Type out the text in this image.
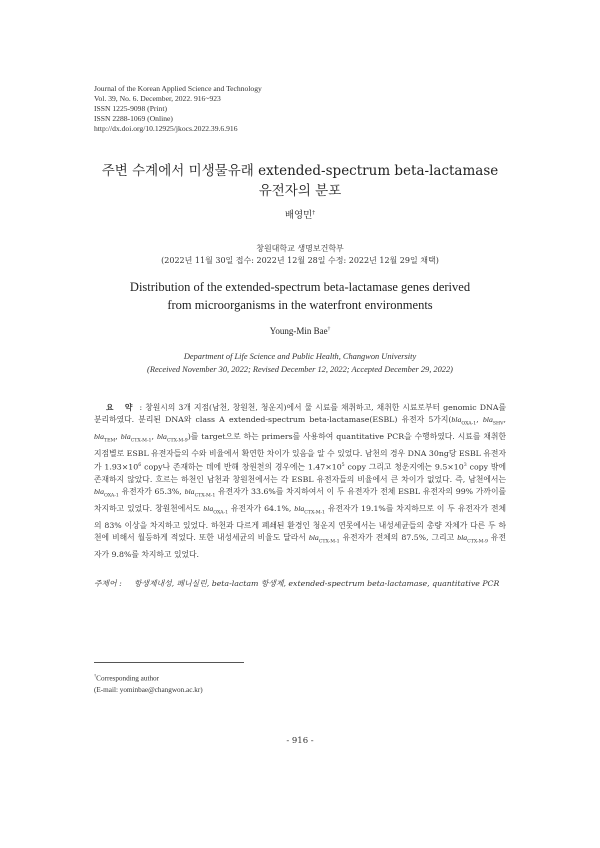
Journal of the Korean Applied Science and Technology
Vol. 39, No. 6. December, 2022. 916~923
ISSN 1225-9098 (Print)
ISSN 2288-1069 (Online)
http://dx.doi.org/10.12925/jkocs.2022.39.6.916
주변 수계에서 미생물유래 extended-spectrum beta-lactamase
유전자의 분포
배영민†
창원대학교 생명보건학부
(2022년 11월 30일 접수: 2022년 12월 28일 수정: 2022년 12월 29일 채택)
Distribution of the extended-spectrum beta-lactamase genes derived
from microorganisms in the waterfront environments
Young-Min Bae†
Department of Life Science and Public Health, Changwon University
(Received November 30, 2022; Revised December 12, 2022; Accepted December 29, 2022)
요 약 : 창원시의 3개 지점(남천, 창원천, 청운지)에서 물 시료를 채취하고, 채취한 시료로부터 genomic DNA를 분리하였다. 분리된 DNA와 class A extended-spectrum beta-lactamase(ESBL) 유전자 5가지(bla$_{OXA-1}$, bla$_{SHV}$, bla$_{TEM}$, bla$_{CTX-M-1}$, bla$_{CTX-M-9}$)를 target으로 하는 primers를 사용하여 quantitative PCR을 수행하였다. 시료를 채취한 지점별로 ESBL 유전자들의 수와 비율에서 확연한 차이가 있음을 알 수 있었다. 남천의 경우 DNA 30ng당 ESBL 유전자가 $1.93\times 10^6$ copy나 존재하는 데에 반해 창원천의 경우에는 $1.47\times 10^5$ copy 그리고 청운지에는 $9.5\times 10^3$ copy 밖에 존재하지 않았다. 흐르는 하천인 남천과 창원천에서는 각 ESBL 유전자들의 비율에서 큰 차이가 없었다. 즉, 남천에서는 bla$_{OXA-1}$ 유전자가 65.3%, bla$_{CTX-M-1}$ 유전자가 33.6%를 차지하여서 이 두 유전자가 전체 ESBL 유전자의 99% 가까이를 차지하고 있었다. 창원천에서도 bla$_{OXA-1}$ 유전자가 64.1%, bla$_{CTX-M-1}$ 유전자가 19.1%를 차지하므로 이 두 유전자가 전체의 83% 이상을 차지하고 있었다. 하천과 다르게 폐쇄된 환경인 청운지 연못에서는 내성세균들의 총량 자체가 다른 두 하천에 비해서 월등하게 적었다. 또한 내성세균의 비율도 달라서 bla$_{CTX-M-1}$ 유전자가 전체의 87.5%, 그리고 bla$_{CTX-M-9}$ 유전자가 9.8%를 차지하고 있었다.
주제어 :	항생제내성, 페니실린, beta-lactam 항생제, extended-spectrum beta-lactamase, quantitative PCR
†Corresponding author
(E-mail: yominbae@changwon.ac.kr)
- 916 -
